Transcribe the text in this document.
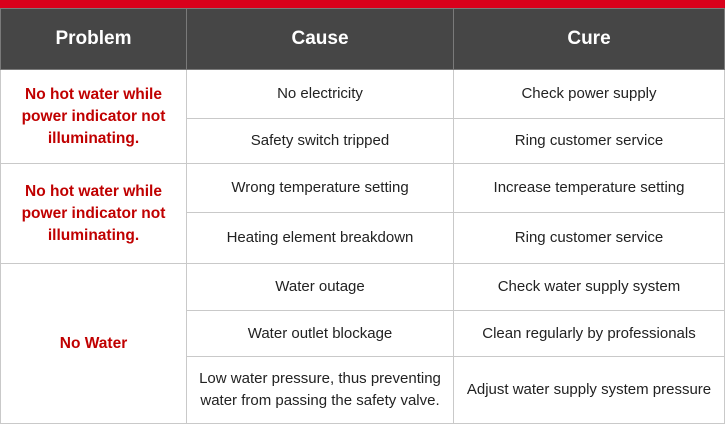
Problem	Cause	Cure
No hot water while power indicator not illuminating.	No electricity	Check power supply
	Safety switch tripped	Ring customer service
No hot water while power indicator not illuminating.	Wrong temperature setting	Increase temperature setting
	Heating element breakdown	Ring customer service
No Water	Water outage	Check water supply system
	Water outlet blockage	Clean regularly by professionals
	Low water pressure, thus preventing water from passing the safety valve.	Adjust water supply system pressure
